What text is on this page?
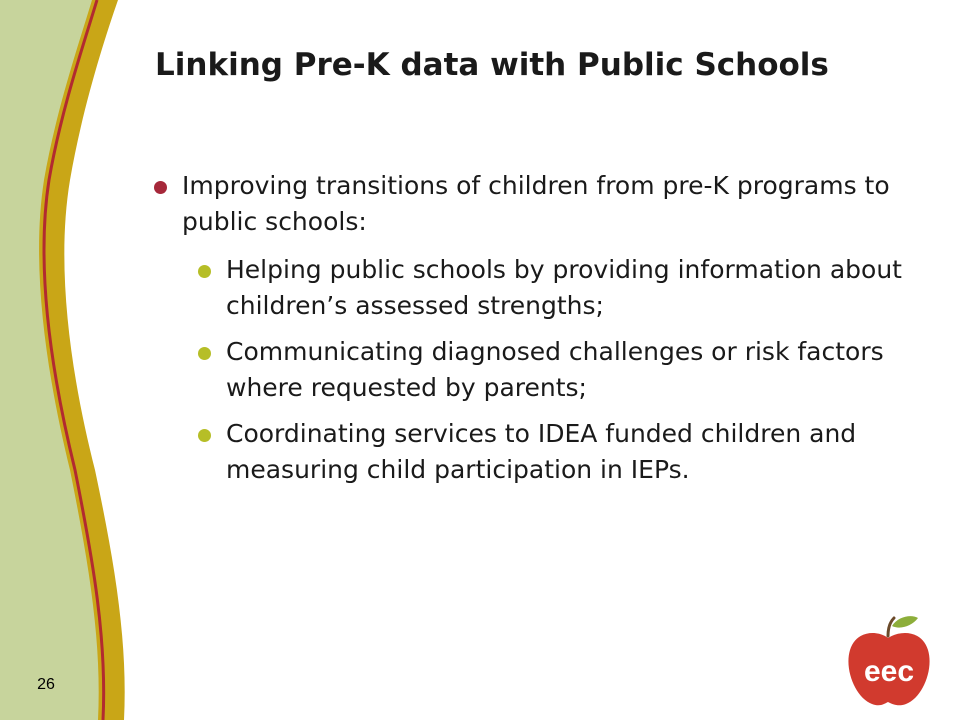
26
Linking Pre-K data with Public Schools
Improving transitions of children from pre-K programs to public schools:
Helping public schools by providing information about children’s assessed strengths;
Communicating diagnosed challenges or risk factors where requested by parents;
Coordinating services to IDEA funded children and measuring child participation in IEPs.
eec
